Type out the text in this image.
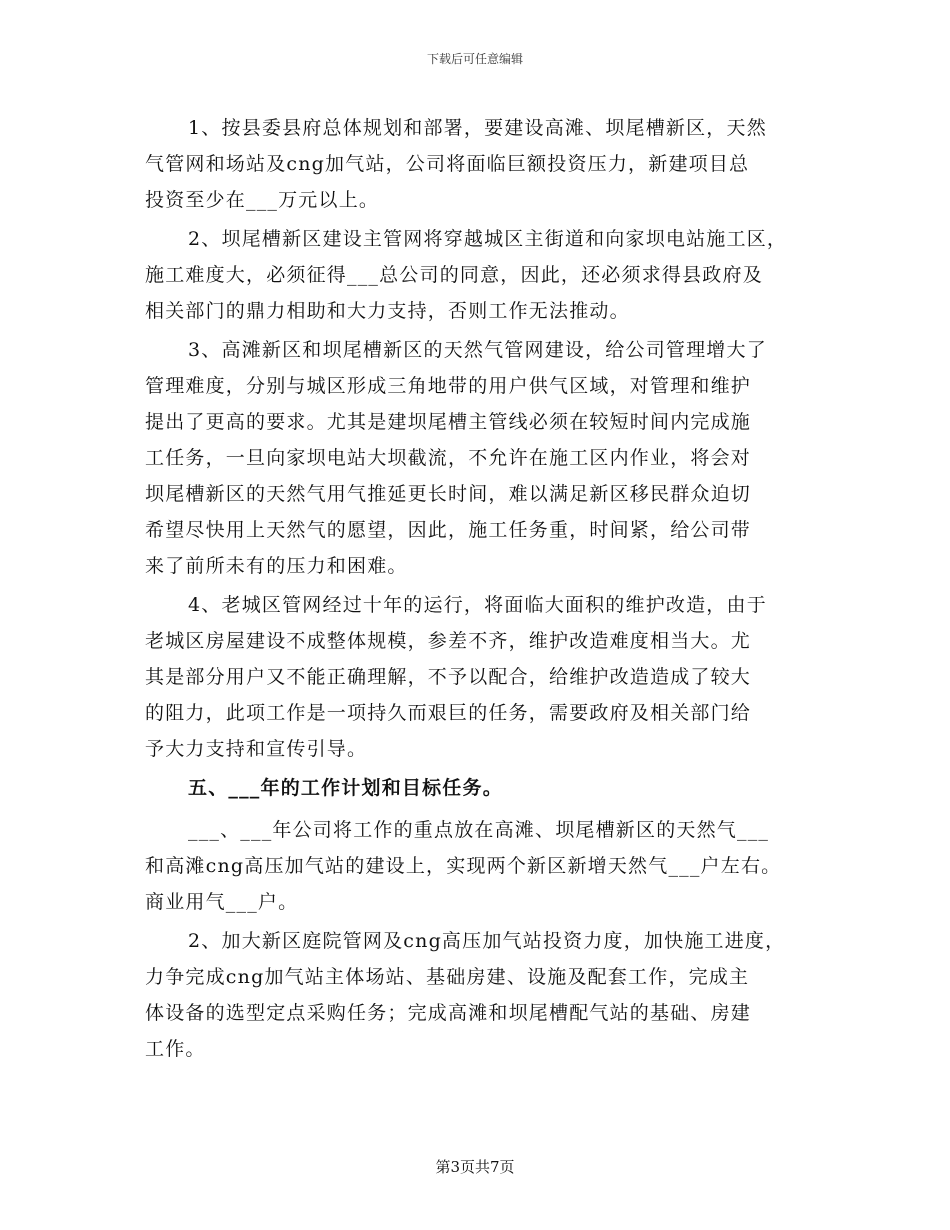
下载后可任意编辑
1、按县委县府总体规划和部署，要建设高滩、坝尾槽新区，天然
气管网和场站及cng加气站，公司将面临巨额投资压力，新建项目总
投资至少在___万元以上。
2、坝尾槽新区建设主管网将穿越城区主街道和向家坝电站施工区，
施工难度大，必须征得___总公司的同意，因此，还必须求得县政府及
相关部门的鼎力相助和大力支持，否则工作无法推动。
3、高滩新区和坝尾槽新区的天然气管网建设，给公司管理增大了
管理难度，分别与城区形成三角地带的用户供气区域，对管理和维护
提出了更高的要求。尤其是建坝尾槽主管线必须在较短时间内完成施
工任务，一旦向家坝电站大坝截流，不允许在施工区内作业，将会对
坝尾槽新区的天然气用气推延更长时间，难以满足新区移民群众迫切
希望尽快用上天然气的愿望，因此，施工任务重，时间紧，给公司带
来了前所未有的压力和困难。
4、老城区管网经过十年的运行，将面临大面积的维护改造，由于
老城区房屋建设不成整体规模，参差不齐，维护改造难度相当大。尤
其是部分用户又不能正确理解，不予以配合，给维护改造造成了较大
的阻力，此项工作是一项持久而艰巨的任务，需要政府及相关部门给
予大力支持和宣传引导。
五、___年的工作计划和目标任务。
___、___年公司将工作的重点放在高滩、坝尾槽新区的天然气___
和高滩cng高压加气站的建设上，实现两个新区新增天然气___户左右。
商业用气___户。
2、加大新区庭院管网及cng高压加气站投资力度，加快施工进度，
力争完成cng加气站主体场站、基础房建、设施及配套工作，完成主
体设备的选型定点采购任务；完成高滩和坝尾槽配气站的基础、房建
工作。
第3页共7页
